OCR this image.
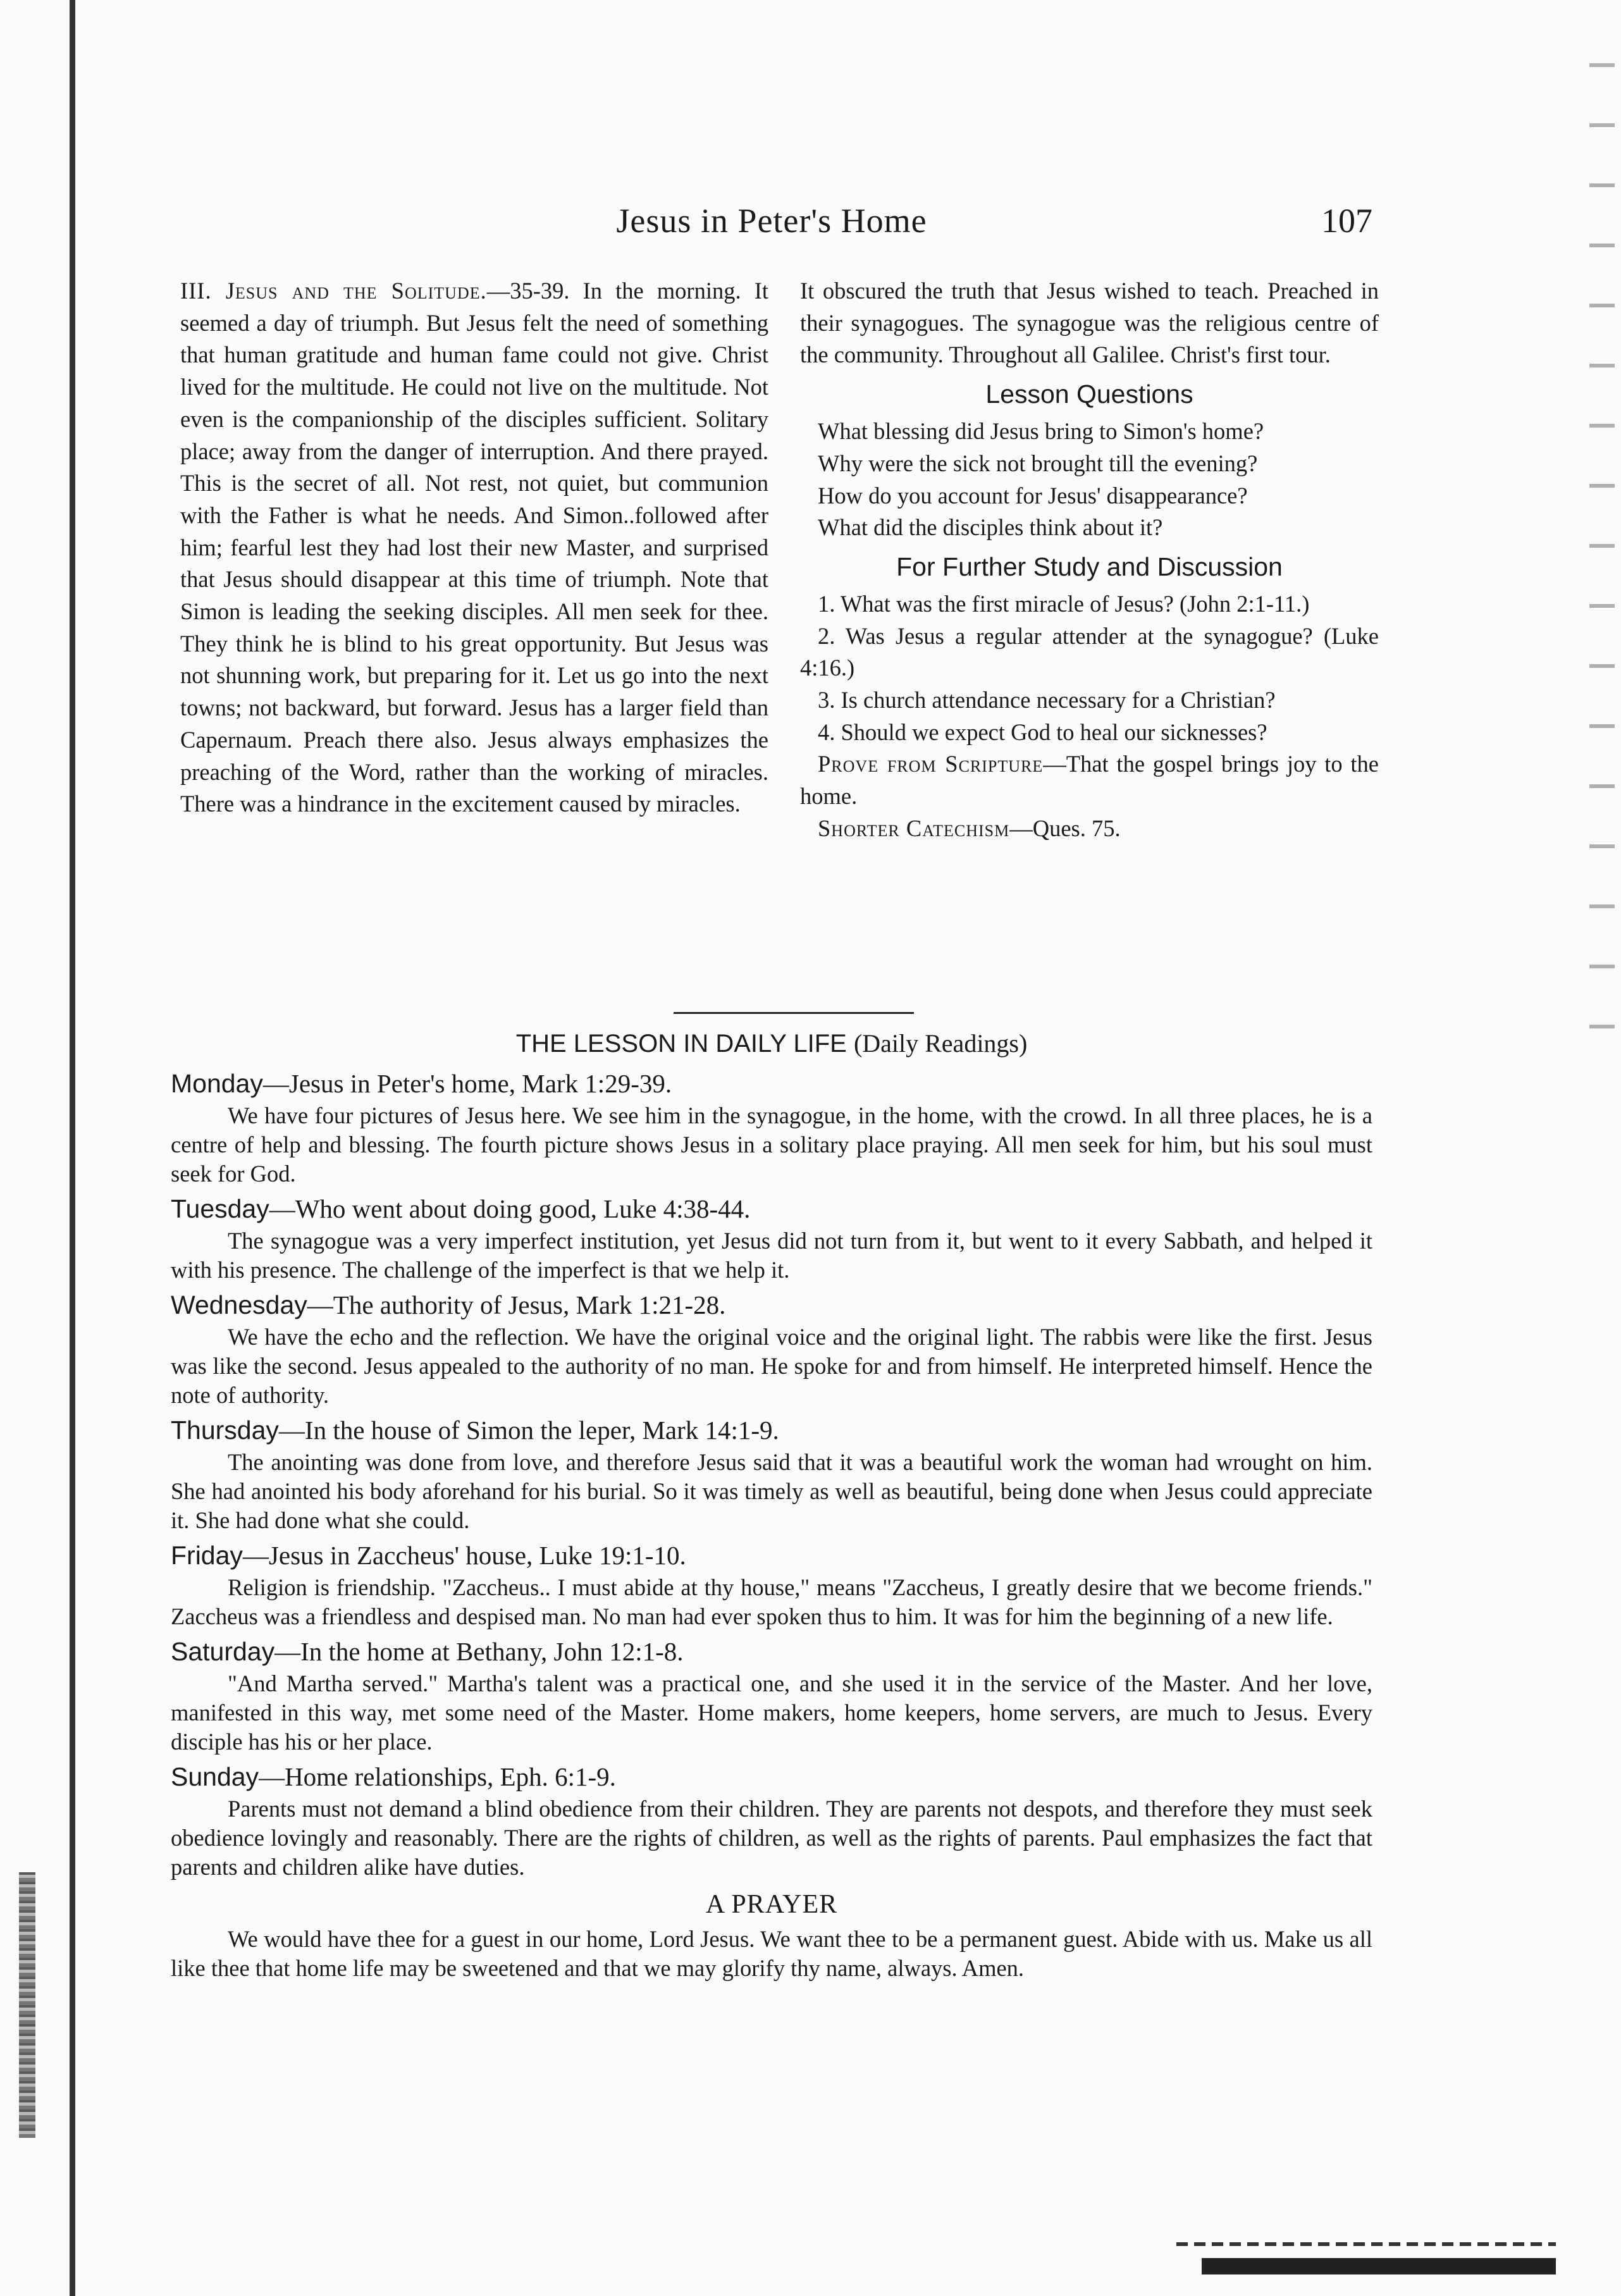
Jesus in Peter's Home	107

III. Jesus and the Solitude.—35-39. In the morning. It seemed a day of triumph. But Jesus felt the need of something that human gratitude and human fame could not give. Christ lived for the multitude. He could not live on the multitude. Not even is the companionship of the disciples sufficient. Solitary place; away from the danger of interruption. And there prayed. This is the secret of all. Not rest, not quiet, but communion with the Father is what he needs. And Simon..followed after him; fearful lest they had lost their new Master, and surprised that Jesus should disappear at this time of triumph. Note that Simon is leading the seeking disciples. All men seek for thee. They think he is blind to his great opportunity. But Jesus was not shunning work, but preparing for it. Let us go into the next towns; not backward, but forward. Jesus has a larger field than Capernaum. Preach there also. Jesus always emphasizes the preaching of the Word, rather than the working of miracles. There was a hindrance in the excitement caused by miracles.

It obscured the truth that Jesus wished to teach. Preached in their synagogues. The synagogue was the religious centre of the community. Throughout all Galilee. Christ's first tour.

Lesson Questions

What blessing did Jesus bring to Simon's home?

Why were the sick not brought till the evening?

How do you account for Jesus' disappearance?

What did the disciples think about it?

For Further Study and Discussion

1. What was the first miracle of Jesus? (John 2:1-11.)

2. Was Jesus a regular attender at the synagogue? (Luke 4:16.)

3. Is church attendance necessary for a Christian?

4. Should we expect God to heal our sicknesses?

Prove from Scripture—That the gospel brings joy to the home.

Shorter Catechism—Ques. 75.

THE LESSON IN DAILY LIFE (Daily Readings)
Monday—Jesus in Peter's home, Mark 1:29-39.

We have four pictures of Jesus here. We see him in the synagogue, in the home, with the crowd. In all three places, he is a centre of help and blessing. The fourth picture shows Jesus in a solitary place praying. All men seek for him, but his soul must seek for God.

Tuesday—Who went about doing good, Luke 4:38-44.

The synagogue was a very imperfect institution, yet Jesus did not turn from it, but went to it every Sabbath, and helped it with his presence. The challenge of the imperfect is that we help it.

Wednesday—The authority of Jesus, Mark 1:21-28.

We have the echo and the reflection. We have the original voice and the original light. The rabbis were like the first. Jesus was like the second. Jesus appealed to the authority of no man. He spoke for and from himself. He interpreted himself. Hence the note of authority.

Thursday—In the house of Simon the leper, Mark 14:1-9.

The anointing was done from love, and therefore Jesus said that it was a beautiful work the woman had wrought on him. She had anointed his body aforehand for his burial. So it was timely as well as beautiful, being done when Jesus could appreciate it. She had done what she could.

Friday—Jesus in Zaccheus' house, Luke 19:1-10.

Religion is friendship. "Zaccheus.. I must abide at thy house," means "Zaccheus, I greatly desire that we become friends." Zaccheus was a friendless and despised man. No man had ever spoken thus to him. It was for him the beginning of a new life.

Saturday—In the home at Bethany, John 12:1-8.

"And Martha served." Martha's talent was a practical one, and she used it in the service of the Master. And her love, manifested in this way, met some need of the Master. Home makers, home keepers, home servers, are much to Jesus. Every disciple has his or her place.

Sunday—Home relationships, Eph. 6:1-9.

Parents must not demand a blind obedience from their children. They are parents not despots, and therefore they must seek obedience lovingly and reasonably. There are the rights of children, as well as the rights of parents. Paul emphasizes the fact that parents and children alike have duties.

A PRAYER

We would have thee for a guest in our home, Lord Jesus. We want thee to be a permanent guest. Abide with us. Make us all like thee that home life may be sweetened and that we may glorify thy name, always. Amen.
